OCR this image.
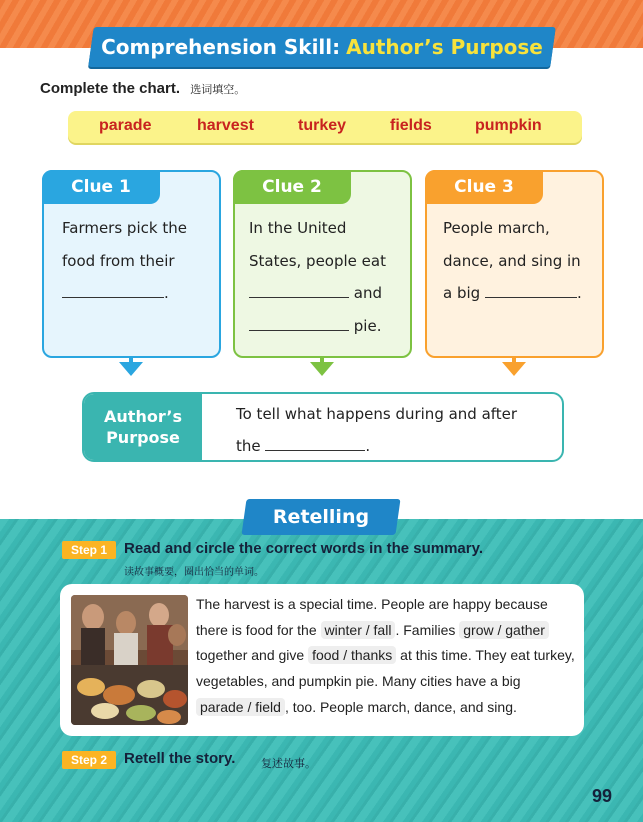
Comprehension Skill: Author’s Purpose
Complete the chart. 选词填空。
parade	harvest	turkey	fields	pumpkin
Clue 1
Farmers pick the
food from their
.
Clue 2
In the United
States, people eat
and
pie.
Clue 3
People march,
dance, and sing in
a big	.
Author’s
Purpose
To tell what happens during and after
the	.
Retelling
Step 1	Read and circle the correct words in the summary.
读故事概要，圈出恰当的单词。
The harvest is a special time. People are happy because there is food for the winter / fall . Families grow / gather together and give food / thanks at this time. They eat turkey, vegetables, and pumpkin pie. Many cities have a big parade / field , too. People march, dance, and sing.
Step 2	Retell the story. 复述故事。
99
